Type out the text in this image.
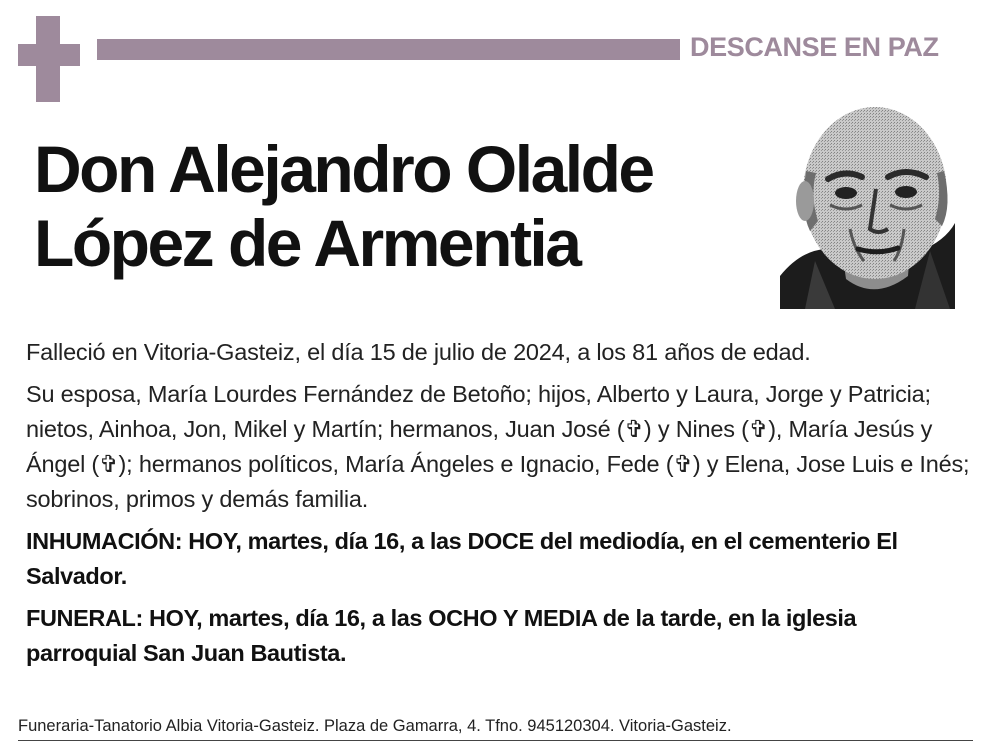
DESCANSE EN PAZ
Don Alejandro Olalde
López de Armentia

Falleció en Vitoria-Gasteiz, el día 15 de julio de 2024, a los 81 años de edad.

Su esposa, María Lourdes Fernández de Betoño; hijos, Alberto y Laura, Jorge y Patricia; nietos, Ainhoa, Jon, Mikel y Martín; hermanos, Juan José (✞) y Nines (✞), María Jesús y Ángel (✞); hermanos políticos, María Ángeles e Ignacio, Fede (✞) y Elena, Jose Luis e Inés; sobrinos, primos y demás familia.

INHUMACIÓN: HOY, martes, día 16, a las DOCE del mediodía, en el cementerio El Salvador.

FUNERAL: HOY, martes, día 16, a las OCHO Y MEDIA de la tarde, en la iglesia parroquial San Juan Bautista.

Funeraria-Tanatorio Albia Vitoria-Gasteiz. Plaza de Gamarra, 4. Tfno. 945120304. Vitoria-Gasteiz.
